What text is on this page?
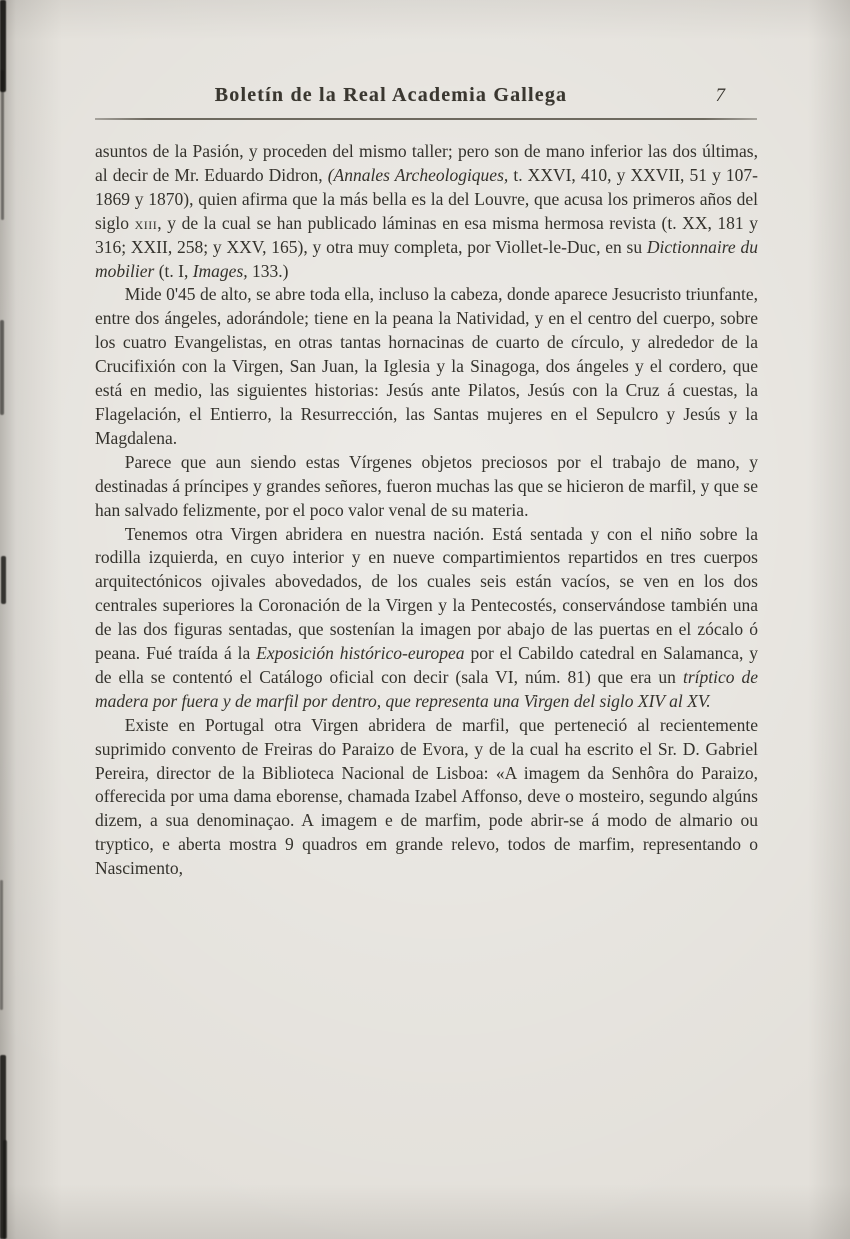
Boletín de la Real Academia Gallega	7

asuntos de la Pasión, y proceden del mismo taller; pero son de mano inferior las dos últimas, al decir de Mr. Eduardo Didron, (Annales Archeologiques, t. XXVI, 410, y XXVII, 51 y 107-1869 y 1870), quien afirma que la más bella es la del Louvre, que acusa los primeros años del siglo xiii, y de la cual se han publicado láminas en esa misma hermosa revista (t. XX, 181 y 316; XXII, 258; y XXV, 165), y otra muy completa, por Viollet-le-Duc, en su Dictionnaire du mobilier (t. I, Images, 133.)

Mide 0'45 de alto, se abre toda ella, incluso la cabeza, donde aparece Jesucristo triunfante, entre dos ángeles, adorándole; tiene en la peana la Natividad, y en el centro del cuerpo, sobre los cuatro Evangelistas, en otras tantas hornacinas de cuarto de círculo, y alrededor de la Crucifixión con la Virgen, San Juan, la Iglesia y la Sinagoga, dos ángeles y el cordero, que está en medio, las siguientes historias: Jesús ante Pilatos, Jesús con la Cruz á cuestas, la Flagelación, el Entierro, la Resurrección, las Santas mujeres en el Sepulcro y Jesús y la Magdalena.

Parece que aun siendo estas Vírgenes objetos preciosos por el trabajo de mano, y destinadas á príncipes y grandes señores, fueron muchas las que se hicieron de marfil, y que se han salvado felizmente, por el poco valor venal de su materia.

Tenemos otra Virgen abridera en nuestra nación. Está sentada y con el niño sobre la rodilla izquierda, en cuyo interior y en nueve compartimientos repartidos en tres cuerpos arquitectónicos ojivales abovedados, de los cuales seis están vacíos, se ven en los dos centrales superiores la Coronación de la Virgen y la Pentecostés, conservándose también una de las dos figuras sentadas, que sostenían la imagen por abajo de las puertas en el zócalo ó peana. Fué traída á la Exposición histórico-europea por el Cabildo catedral en Salamanca, y de ella se contentó el Catálogo oficial con decir (sala VI, núm. 81) que era un tríptico de madera por fuera y de marfil por dentro, que representa una Virgen del siglo XIV al XV.

Existe en Portugal otra Virgen abridera de marfil, que perteneció al recientemente suprimido convento de Freiras do Paraizo de Evora, y de la cual ha escrito el Sr. D. Gabriel Pereira, director de la Biblioteca Nacional de Lisboa: «A imagem da Senhôra do Paraizo, offerecida por uma dama eborense, chamada Izabel Affonso, deve o mosteiro, segundo algúns dizem, a sua denominaçao. A imagem e de marfim, pode abrir-se á modo de almario ou tryptico, e aberta mostra 9 quadros em grande relevo, todos de marfim, representando o Nascimento,
